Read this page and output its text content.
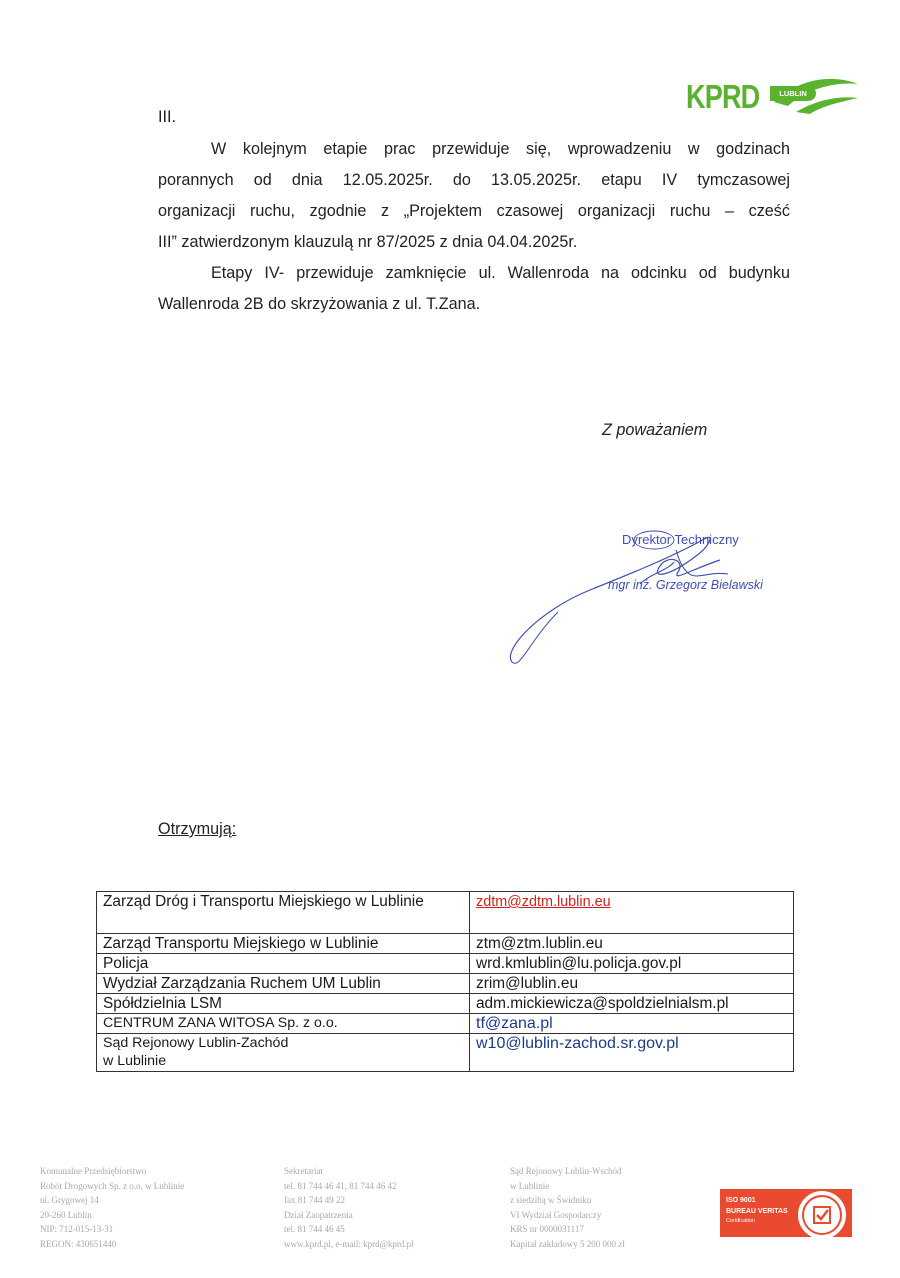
KPRD	LUBLIN
III.
W kolejnym etapie prac przewiduje się, wprowadzeniu w godzinach
porannych od dnia 12.05.2025r. do 13.05.2025r. etapu IV tymczasowej
organizacji ruchu, zgodnie z „Projektem czasowej organizacji ruchu – cześć
III” zatwierdzonym klauzulą nr 87/2025 z dnia 04.04.2025r.
Etapy IV- przewiduje zamknięcie ul. Wallenroda na odcinku od budynku
Wallenroda 2B do skrzyżowania z ul. T.Zana.
Z poważaniem
Dyrektor Techniczny
mgr inż. Grzegorz Bielawski
Otrzymują:
Zarząd Dróg i Transportu Miejskiego w Lublinie	zdtm@zdtm.lublin.eu
Zarząd Transportu Miejskiego w Lublinie	ztm@ztm.lublin.eu
Policja	wrd.kmlublin@lu.policja.gov.pl
Wydział Zarządzania Ruchem UM Lublin	zrim@lublin.eu
Spółdzielnia LSM	adm.mickiewicza@spoldzielnialsm.pl
CENTRUM ZANA WITOSA Sp. z o.o.	tf@zana.pl

Sąd Rejonowy Lublin-Zachód
w Lublinie	w10@lublin-zachod.sr.gov.pl
Komunalne Przedsiębiorstwo
Robót Drogowych Sp. z o.o. w Lublinie
ul. Grygowej 14
20-260 Lublin
NIP: 712-015-13-31
REGON: 430651440
Sekretariat
tel. 81 744 46 41, 81 744 46 42
fax 81 744 49 22
Dział Zaopatrzenia
tel. 81 744 46 45
www.kprd.pl, e-mail: kprd@kprd.pl
Sąd Rejonowy Lublin-Wschód
w Lublinie
z siedzibą w Świdniku
VI Wydział Gospodarczy
KRS nr 0000031117
Kapitał zakładowy 5 200 000 zł
ISO 9001
BUREAU VERITAS
Certification
